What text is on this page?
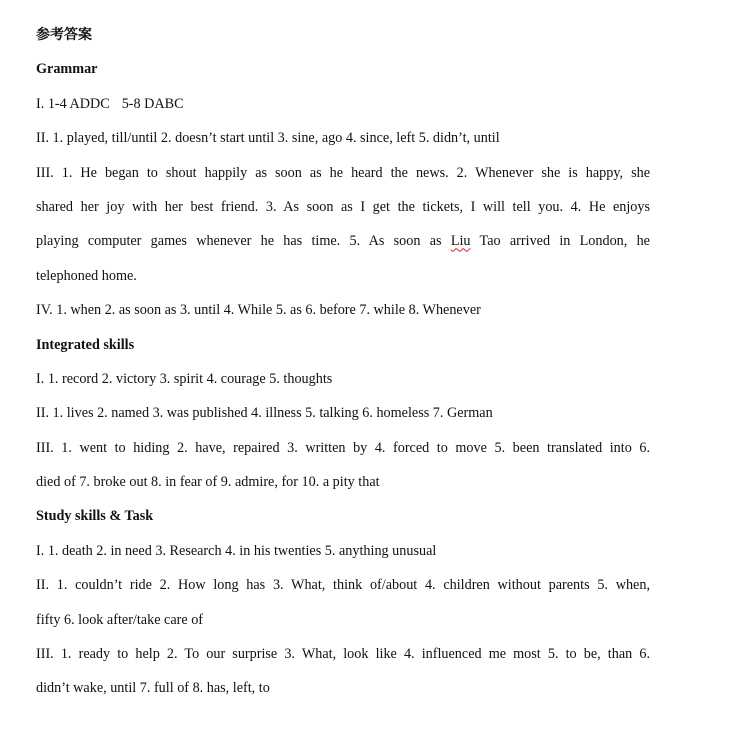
参考答案
Grammar
I. 1-4 ADDC 5-8 DABC
II. 1. played, till/until 2. doesn’t start until 3. sine, ago 4. since, left 5. didn’t, until
III. 1. He began to shout happily as soon as he heard the news. 2. Whenever she is happy, she
shared her joy with her best friend. 3. As soon as I get the tickets, I will tell you. 4. He enjoys
playing computer games whenever he has time. 5. As soon as Liu Tao arrived in London, he
telephoned home.
IV. 1. when 2. as soon as 3. until 4. While 5. as 6. before 7. while 8. Whenever
Integrated skills
I. 1. record 2. victory 3. spirit 4. courage 5. thoughts
II. 1. lives 2. named 3. was published 4. illness 5. talking 6. homeless 7. German
III. 1. went to hiding 2. have, repaired 3. written by 4. forced to move 5. been translated into 6.
died of 7. broke out 8. in fear of 9. admire, for 10. a pity that
Study skills & Task
I. 1. death 2. in need 3. Research 4. in his twenties 5. anything unusual
II. 1. couldn’t ride 2. How long has 3. What, think of/about 4. children without parents 5. when,
fifty 6. look after/take care of
III. 1. ready to help 2. To our surprise 3. What, look like 4. influenced me most 5. to be, than 6.
didn’t wake, until 7. full of 8. has, left, to
